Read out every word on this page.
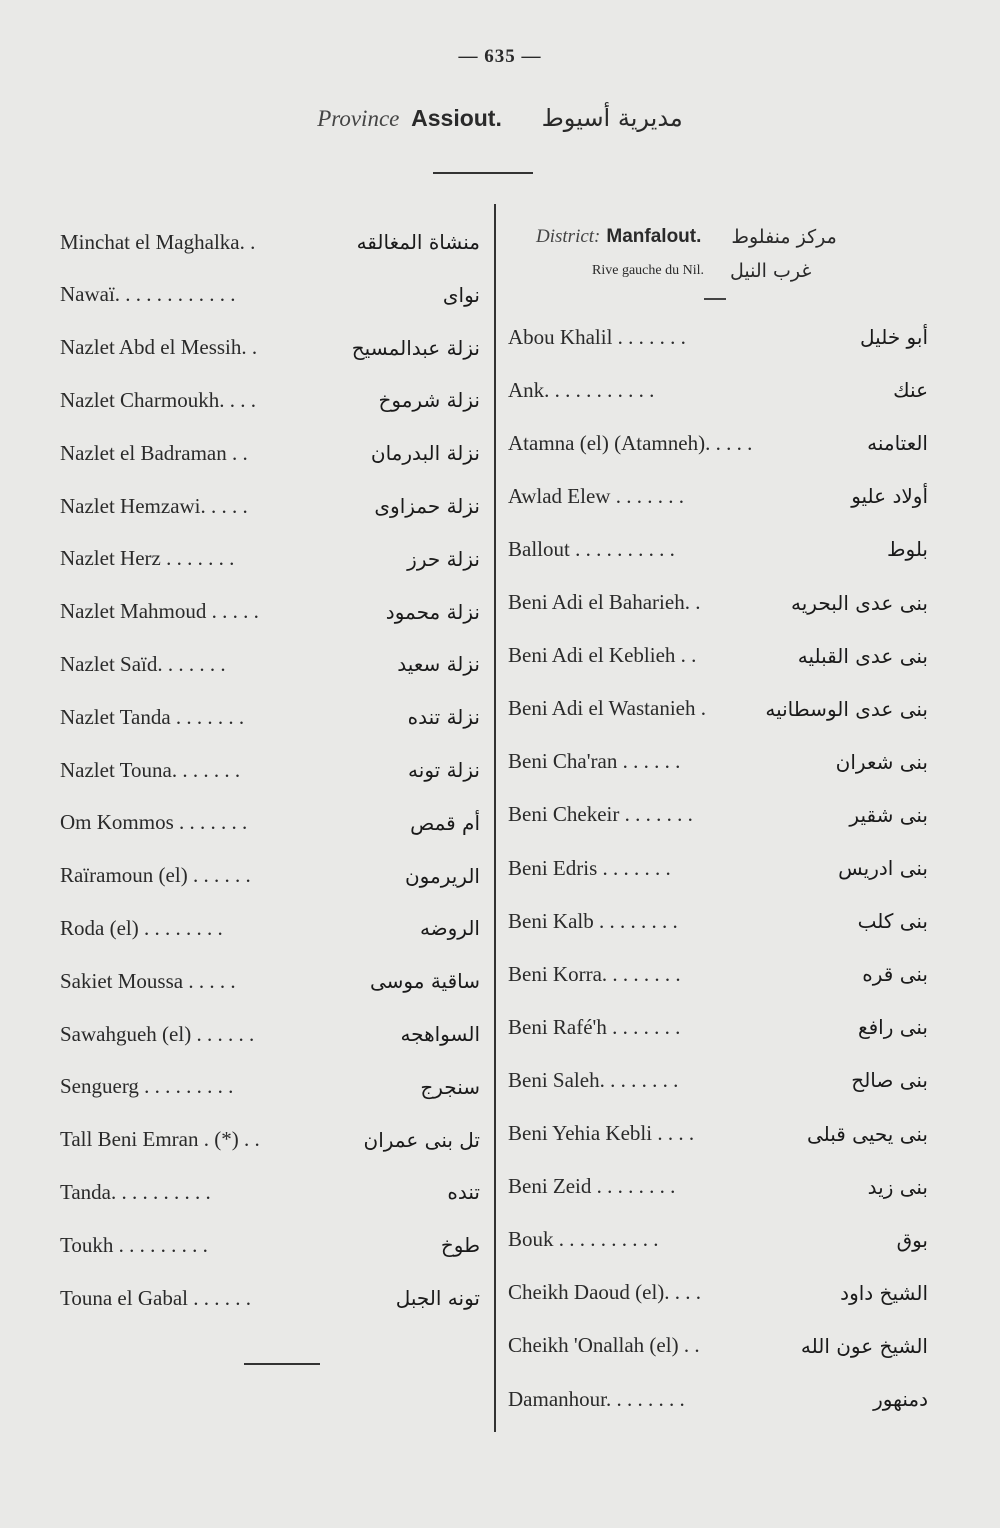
— 635 —
Province Assiout. مديرية أسيوط
District: Manfalout. مركز منفلوط
Rive gauche du Nil. غرب النيل
Minchat el Maghalka. .	منشاة المغالقه
Nawaï. . . . . . . . . . . .	نواى
Nazlet Abd el Messih. .	نزلة عبدالمسيح
Nazlet Charmoukh. . . .	نزلة شرموخ
Nazlet el Badraman . .	نزلة البدرمان
Nazlet Hemzawi. . . . .	نزلة حمزاوى
Nazlet Herz . . . . . . .	نزلة حرز
Nazlet Mahmoud . . . . .	نزلة محمود
Nazlet Saïd. . . . . . .	نزلة سعيد
Nazlet Tanda . . . . . . .	نزلة تنده
Nazlet Touna. . . . . . .	نزلة تونه
Om Kommos . . . . . . .	أم قمص
Raïramoun (el) . . . . . .	الريرمون
Roda (el) . . . . . . . .	الروضه
Sakiet Moussa . . . . .	ساقية موسى
Sawahgueh (el) . . . . . .	السواهجه
Senguerg . . . . . . . . .	سنجرج
Tall Beni Emran . (*) . .	تل بنى عمران
Tanda. . . . . . . . . .	تنده
Toukh . . . . . . . . .	طوخ
Touna el Gabal . . . . . .	تونه الجبل
Abou Khalil . . . . . . .	أبو خليل
Ank. . . . . . . . . . .	عنك
Atamna (el) (Atamneh). . . . .	العتامنه
Awlad Elew . . . . . . .	أولاد عليو
Ballout . . . . . . . . . .	بلوط
Beni Adi el Baharieh. .	بنى عدى البحريه
Beni Adi el Keblieh . .	بنى عدى القبليه
Beni Adi el Wastanieh .	بنى عدى الوسطانيه
Beni Cha'ran . . . . . .	بنى شعران
Beni Chekeir . . . . . . .	بنى شقير
Beni Edris . . . . . . .	بنى ادريس
Beni Kalb . . . . . . . .	بنى كلب
Beni Korra. . . . . . . .	بنى قره
Beni Rafé'h . . . . . . .	بنى رافع
Beni Saleh. . . . . . . .	بنى صالح
Beni Yehia Kebli . . . .	بنى يحيى قبلى
Beni Zeid . . . . . . . .	بنى زيد
Bouk . . . . . . . . . .	بوق
Cheikh Daoud (el). . . .	الشيخ داود
Cheikh 'Onallah (el) . .	الشيخ عون الله
Damanhour. . . . . . . .	دمنهور
